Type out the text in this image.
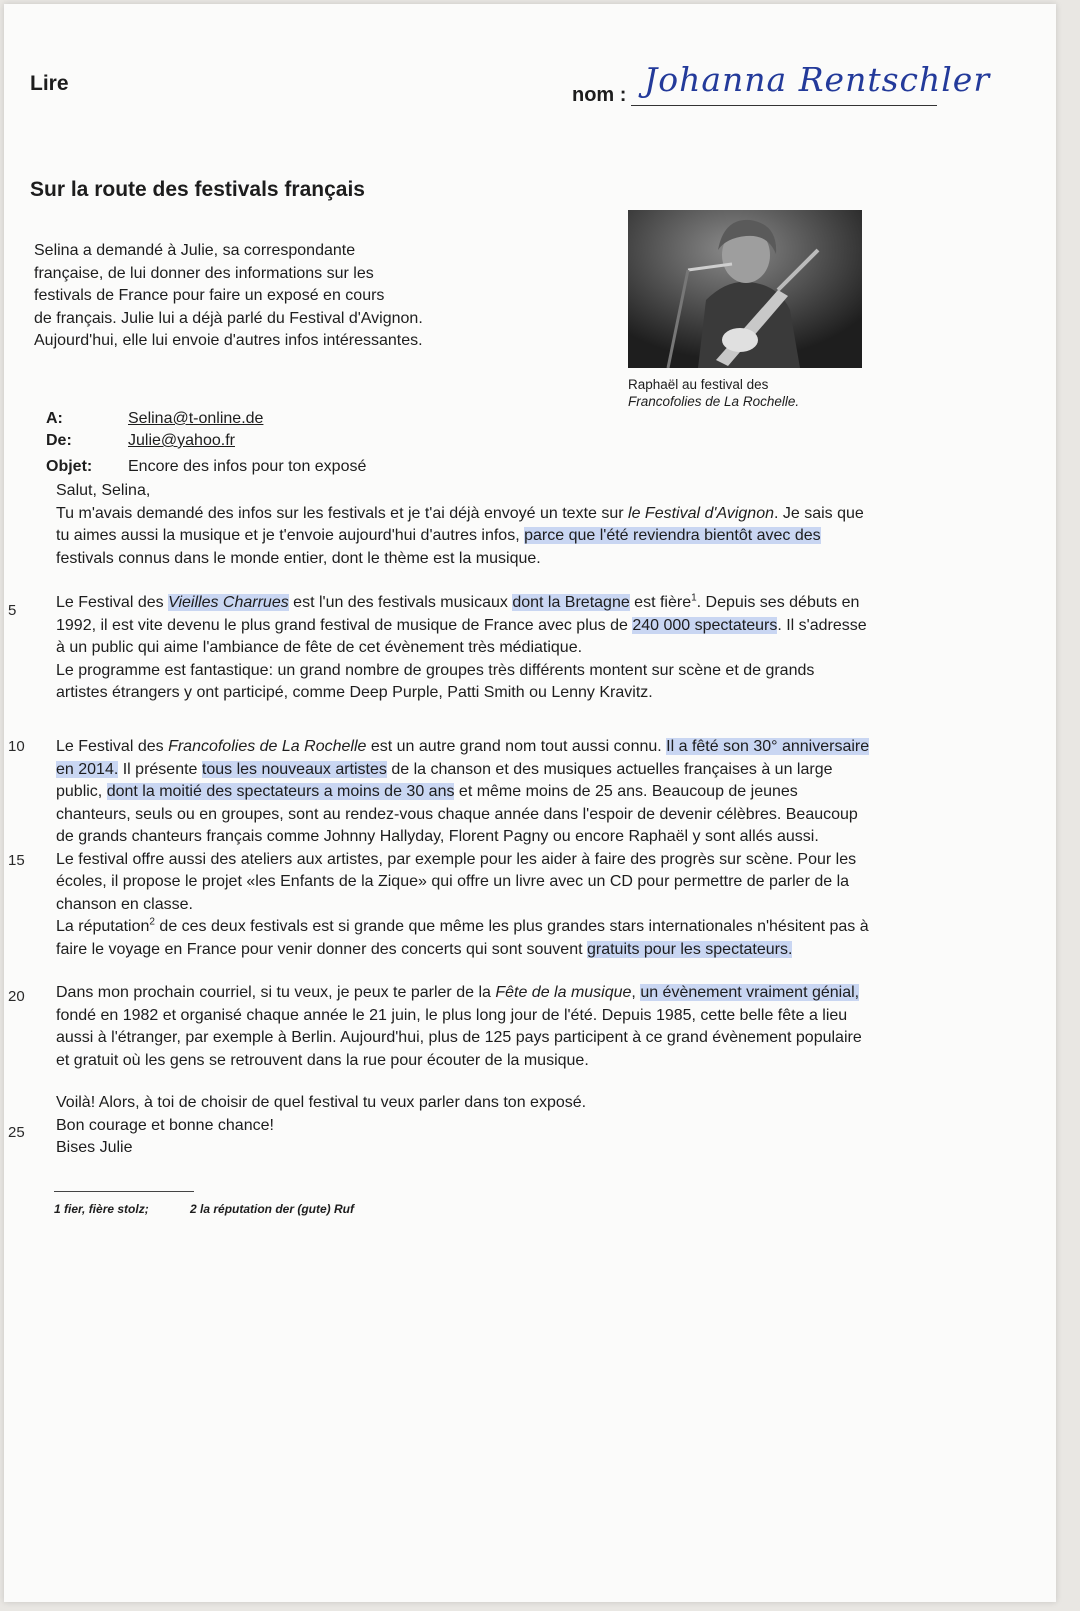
Lire	nom : Johanna Rentschler
Sur la route des festivals français
Selina a demandé à Julie, sa correspondante
française, de lui donner des informations sur les
festivals de France pour faire un exposé en cours
de français. Julie lui a déjà parlé du Festival d'Avignon.
Aujourd'hui, elle lui envoie d'autres infos intéressantes.
Raphaël au festival des
Francofolies de La Rochelle.
A:	Selina@t-online.de
De:	Julie@yahoo.fr
Objet: Encore des infos pour ton exposé

Salut, Selina,

Tu m'avais demandé des infos sur les festivals et je t'ai déjà envoyé un texte sur le Festival d'Avignon. Je sais que

tu aimes aussi la musique et je t'envoie aujourd'hui d'autres infos, parce que l'été reviendra bientôt avec des

festivals connus dans le monde entier, dont le thème est la musique.

Le Festival des Vieilles Charrues est l'un des festivals musicaux dont la Bretagne est fière$^1$. Depuis ses débuts en

1992, il est vite devenu le plus grand festival de musique de France avec plus de 240 000 spectateurs. Il s'adresse

à un public qui aime l'ambiance de fête de cet évènement très médiatique.

Le programme est fantastique: un grand nombre de groupes très différents montent sur scène et de grands

artistes étrangers y ont participé, comme Deep Purple, Patti Smith ou Lenny Kravitz.

Le Festival des Francofolies de La Rochelle est un autre grand nom tout aussi connu. Il a fêté son 30° anniversaire

en 2014. Il présente tous les nouveaux artistes de la chanson et des musiques actuelles françaises à un large

public, dont la moitié des spectateurs a moins de 30 ans et même moins de 25 ans. Beaucoup de jeunes

chanteurs, seuls ou en groupes, sont au rendez-vous chaque année dans l'espoir de devenir célèbres. Beaucoup

de grands chanteurs français comme Johnny Hallyday, Florent Pagny ou encore Raphaël y sont allés aussi.

Le festival offre aussi des ateliers aux artistes, par exemple pour les aider à faire des progrès sur scène. Pour les

écoles, il propose le projet «les Enfants de la Zique» qui offre un livre avec un CD pour permettre de parler de la

chanson en classe.

La réputation$^2$ de ces deux festivals est si grande que même les plus grandes stars internationales n'hésitent pas à

faire le voyage en France pour venir donner des concerts qui sont souvent gratuits pour les spectateurs.

Dans mon prochain courriel, si tu veux, je peux te parler de la Fête de la musique, un évènement vraiment génial,

fondé en 1982 et organisé chaque année le 21 juin, le plus long jour de l'été. Depuis 1985, cette belle fête a lieu

aussi à l'étranger, par exemple à Berlin. Aujourd'hui, plus de 125 pays participent à ce grand évènement populaire

et gratuit où les gens se retrouvent dans la rue pour écouter de la musique.

Voilà! Alors, à toi de choisir de quel festival tu veux parler dans ton exposé.

Bon courage et bonne chance!

Bises Julie

5
10
15
20
25
1 fier, fière stolz;	2 la réputation der (gute) Ruf
